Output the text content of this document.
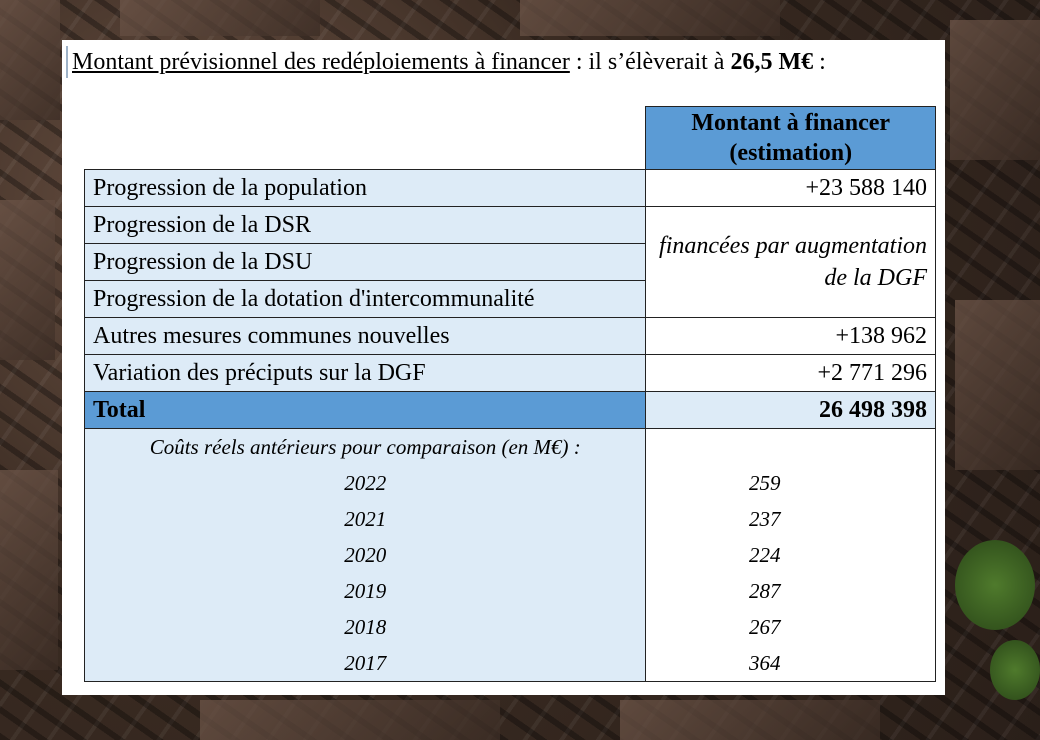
Montant prévisionnel des redéploiements à financer : il s’élèverait à 26,5 M€ :
	Montant à financer (estimation)
Progression de la population	+23 588 140
Progression de la DSR	financées par augmentation de la DGF
Progression de la DSU	
Progression de la dotation d'intercommunalité	
Autres mesures communes nouvelles	+138 962
Variation des préciputs sur la DGF	+2 771 296
Total	26 498 398
Coûts réels antérieurs pour comparaison (en M€) :	
2022	259
2021	237
2020	224
2019	287
2018	267
2017	364
